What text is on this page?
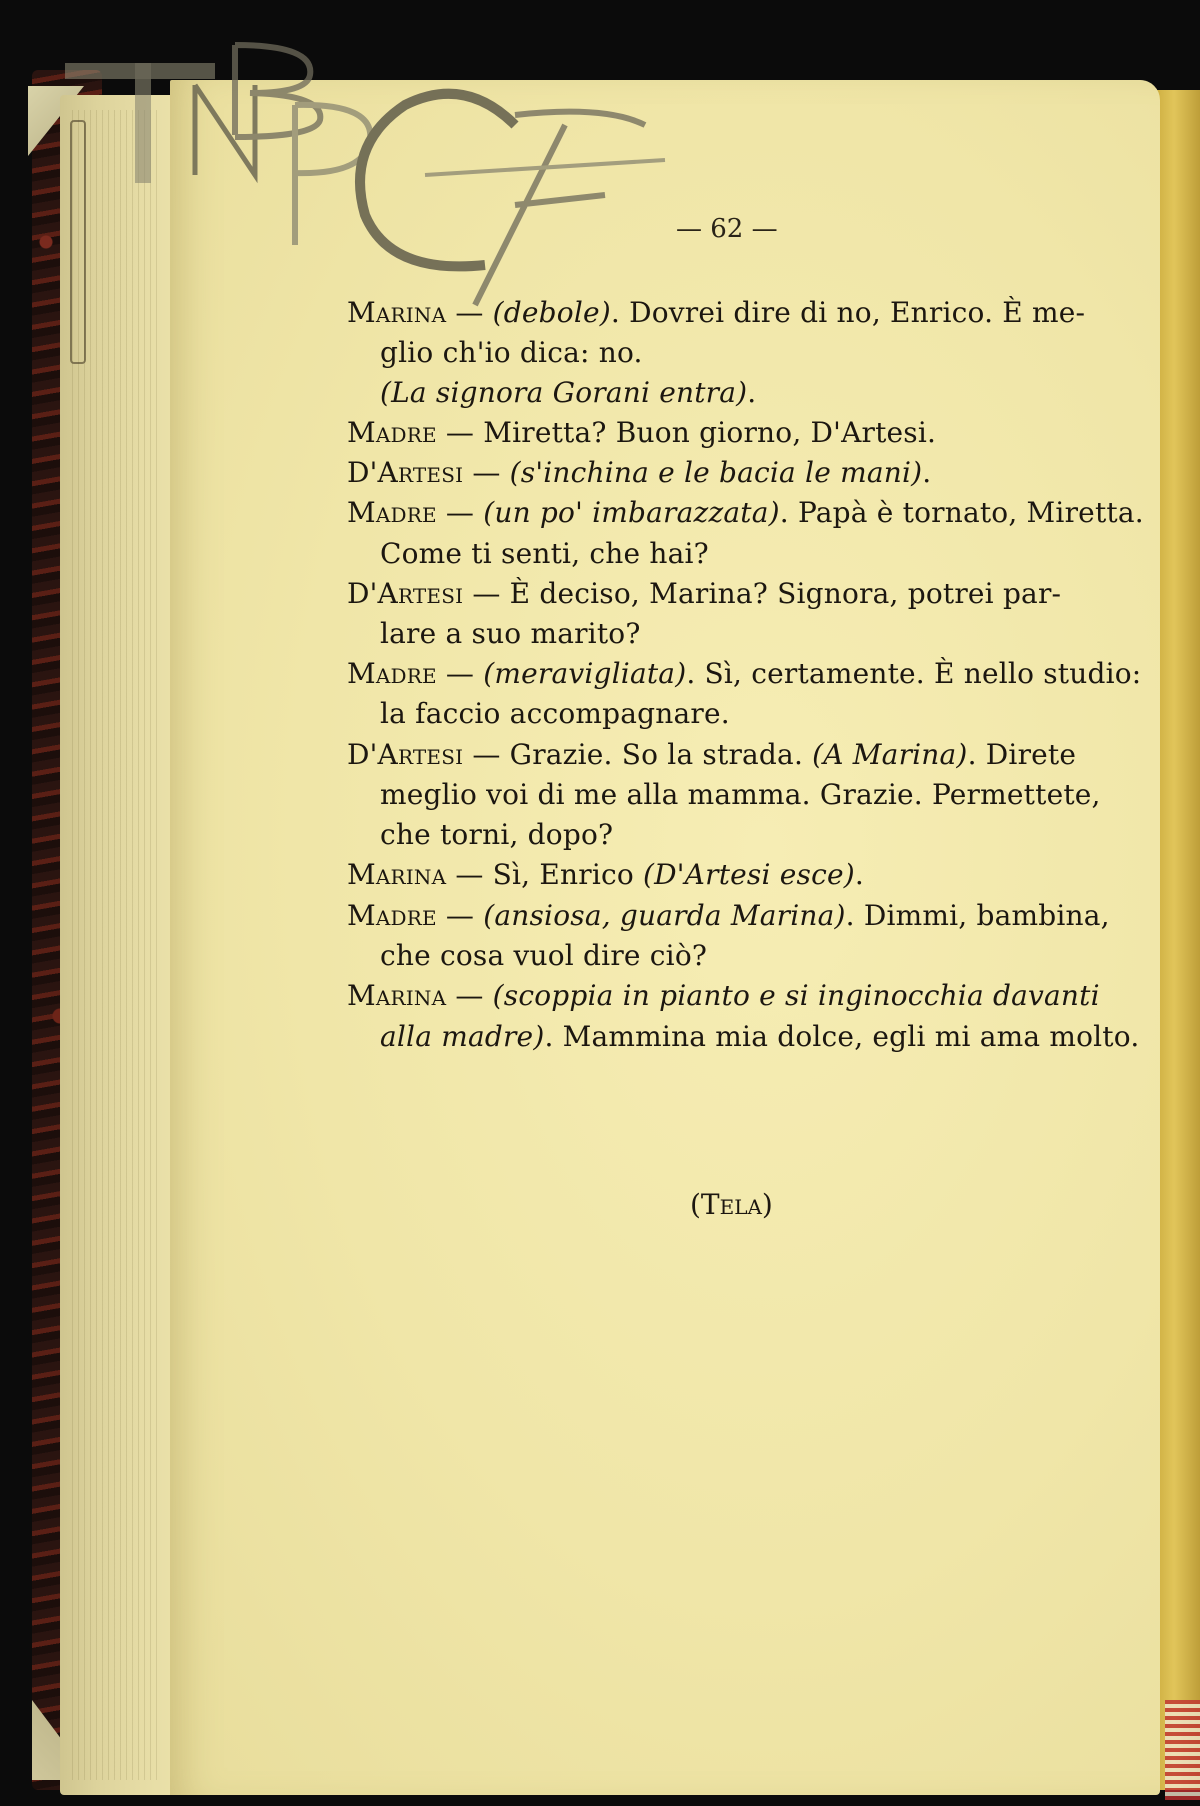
— 62 —
Marina — (debole). Dovrei dire di no, Enrico. È me-
glio ch'io dica: no.
(La signora Gorani entra).
Madre — Miretta? Buon giorno, D'Artesi.
D'Artesi — (s'inchina e le bacia le mani).
Madre — (un po' imbarazzata). Papà è tornato, Miretta.
Come ti senti, che hai?
D'Artesi — È deciso, Marina? Signora, potrei par-
lare a suo marito?
Madre — (meravigliata). Sì, certamente. È nello studio:
la faccio accompagnare.
D'Artesi — Grazie. So la strada. (A Marina). Direte
meglio voi di me alla mamma. Grazie. Permettete,
che torni, dopo?
Marina — Sì, Enrico (D'Artesi esce).
Madre — (ansiosa, guarda Marina). Dimmi, bambina,
che cosa vuol dire ciò?
Marina — (scoppia in pianto e si inginocchia davanti
alla madre). Mammina mia dolce, egli mi ama molto.
(Tela)
